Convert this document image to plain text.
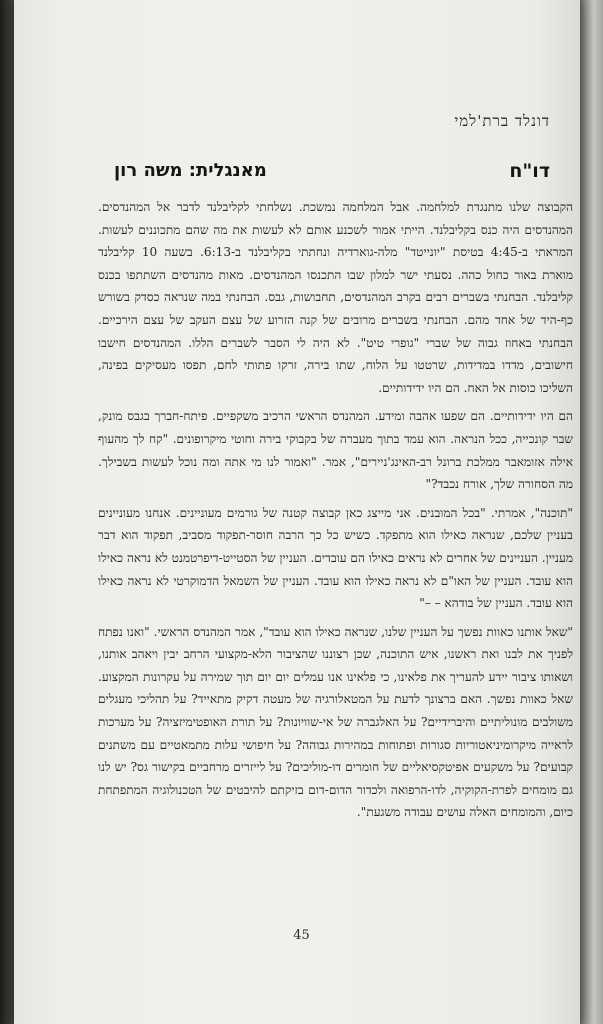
דונלד ברת'למי
דו"ח
מאנגלית: משה רון

הקבוצה שלנו מתנגדת למלחמה. אבל המלחמה נמשכת. נשלחתי לקליבלנד לדבר אל המהנדסים. המהנדסים היה כנס בקליבלנד. הייתי אמור לשכנע אותם לא לעשות את מה שהם מתכוננים לעשות. המראתי ב-4:45 בטיסת "יונייטד" מלה-גוארדיה ונחתתי בקליבלנד ב-6:13. בשעה 10 קליבלנד מוארת באור כחול כהה. נסעתי ישר למלון שבו התכנסו המהנדסים. מאות מהנדסים השתתפו בכנס קליבלנד. הבחנתי בשברים רבים בקרב המהנדסים, תחבושות, גבס. הבחנתי במה שנראה כסדק בשורש כף-היד של אחד מהם. הבחנתי בשברים מרובים של קנה הזרוע של עצם העקב של עצם הירכיים. הבחנתי באחוז גבוה של שברי "גופרי טיט". לא היה לי הסבר לשברים הללו. המהנדסים חישבו חישובים, מדדו במדידות, שרטטו על הלוח, שתו בירה, זרקו פתותי לחם, תפסו מעסיקים בפינה, השליכו כוסות אל האח. הם היו ידידותיים.

הם היו ידידותיים. הם שפעו אהבה ומידע. המהנדס הראשי הרכיב משקפיים. פיתח-חברך בגבס מונק, שבר קונכייה, ככל הנראה. הוא עמד בתוך מעברה של בקבוקי בירה וחוטי מיקרופונים. "קח לך מהעוף אילה אזומאבר ממלכת ברונל רב-האינג'ניירים", אמר. "ואמור לנו מי אתה ומה נוכל לעשות בשבילך. מה הסחורה שלך, אורח נכבד?"

"תוכנה", אמרתי. "בכל המובנים. אני מייצג כאן קבוצה קטנה של גורמים מעוניינים. אנחנו מעוניינים בעניין שלכם, שנראה כאילו הוא מתפקד. כשיש כל כך הרבה חוסר-תפקוד מסביב, תפקוד הוא דבר מעניין. העניינים של אחרים לא נראים כאילו הם עובדים. העניין של הסטייט-דיפרטמנט לא נראה כאילו הוא עובד. העניין של האו"ם לא נראה כאילו הוא עובד. העניין של השמאל הדמוקרטי לא נראה כאילו הוא עובד. העניין של בודהא – –"

"שאל אותנו כאוות נפשך על העניין שלנו, שנראה כאילו הוא עובד", אמר המהנדס הראשי. "ואנו נפתח לפניך את לבנו ואת ראשנו, איש התוכנה, שכן רצוננו שהציבור הלא-מקצועי הרחב יבין ויאהב אותנו, ושאותו ציבור יידע להעריך את פלאינו, כי פלאינו אנו עמלים יום יום תוך שמירה על עקרונות המקצוע. שאל כאוות נפשך. האם ברצונך לדעת על המטאלורגיה של מעטה דקיק מתאייד? על תהליכי מעגלים משולבים מונוליתיים והיברידיים? על האלגברה של אי-שוויונות? על תורת האופטימיזציה? על מערכות לראייה מיקרומיניאטוריות סגורות ופתוחות במהירות גבוהה? על חיפושי עלות מתמאטיים עם משתנים קבועים? על משקעים אפיטקסיאליים של חומרים דו-מוליכים? על לייזרים מרחביים בקישור גס? יש לנו גם מומחים לפרת-הקוקיה, לדו-הרפואה ולכדור הדום-דום בזיקתם להיבטים של הטכנולוגיה המתפתחת כיום, והמומחים האלה עושים עבודה משגעת".

45
